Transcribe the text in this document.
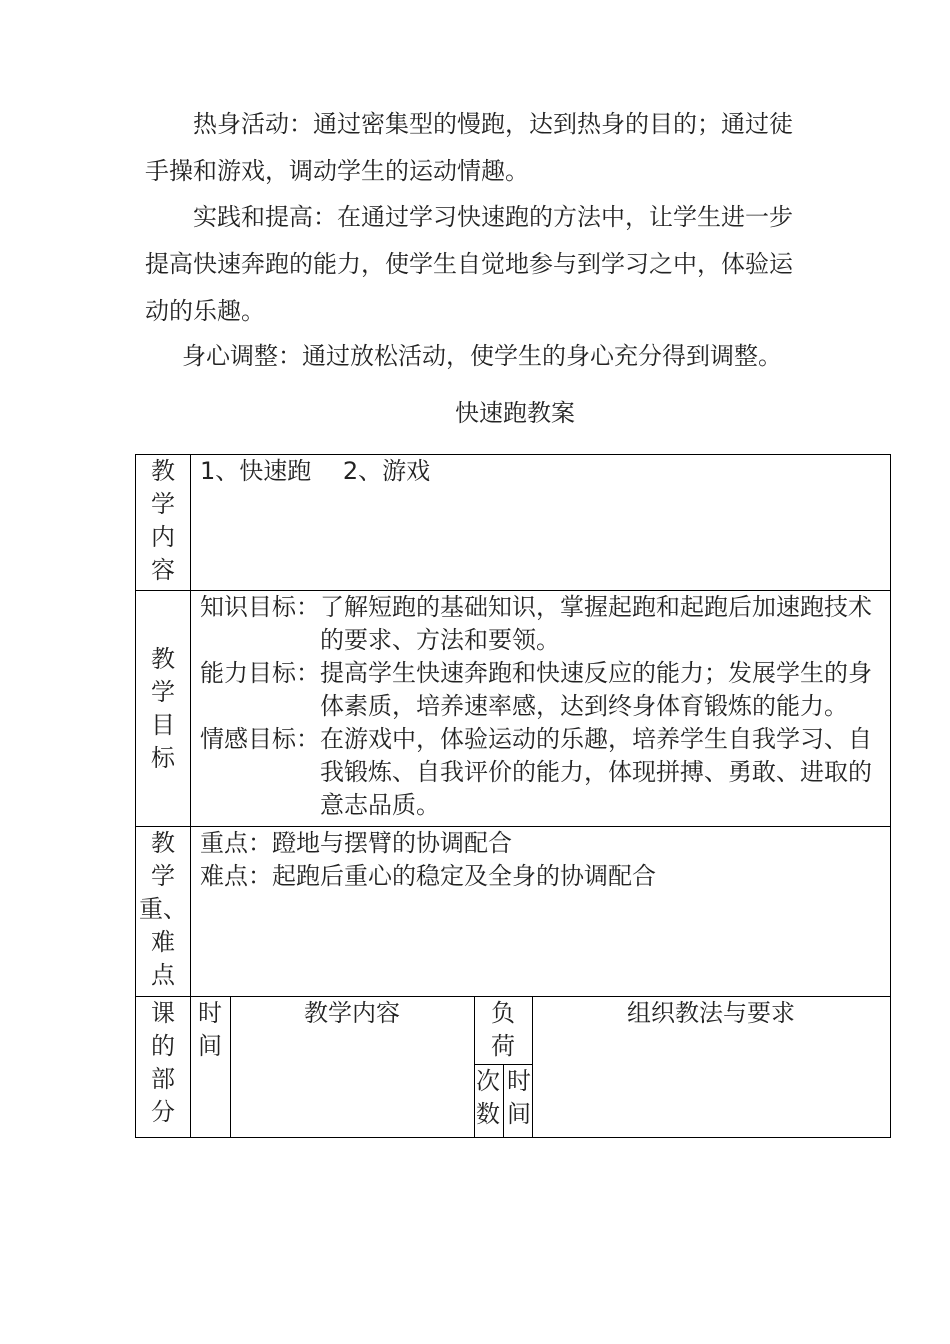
热身活动：通过密集型的慢跑，达到热身的目的；通过徒手操和游戏，调动学生的运动情趣。

实践和提高：在通过学习快速跑的方法中，让学生进一步提高快速奔跑的能力，使学生自觉地参与到学习之中，体验运动的乐趣。

身心调整：通过放松活动，使学生的身心充分得到调整。

快速跑教案
教
学
内
容
1、快速跑　 2、游戏
教
学
目
标
知识目标： 了解短跑的基础知识，掌握起跑和起跑后加速跑技术的要求、方法和要领。
能力目标： 提高学生快速奔跑和快速反应的能力；发展学生的身体素质，培养速率感，达到终身体育锻炼的能力。
情感目标： 在游戏中，体验运动的乐趣，培养学生自我学习、自我锻炼、自我评价的能力，体现拼搏、勇敢、进取的意志品质。
教
学
重、
难
点
重点：蹬地与摆臂的协调配合
难点：起跑后重心的稳定及全身的协调配合
课
的
部
分
时
间
教学内容	负
荷
次
数
时
间
组织教法与要求
